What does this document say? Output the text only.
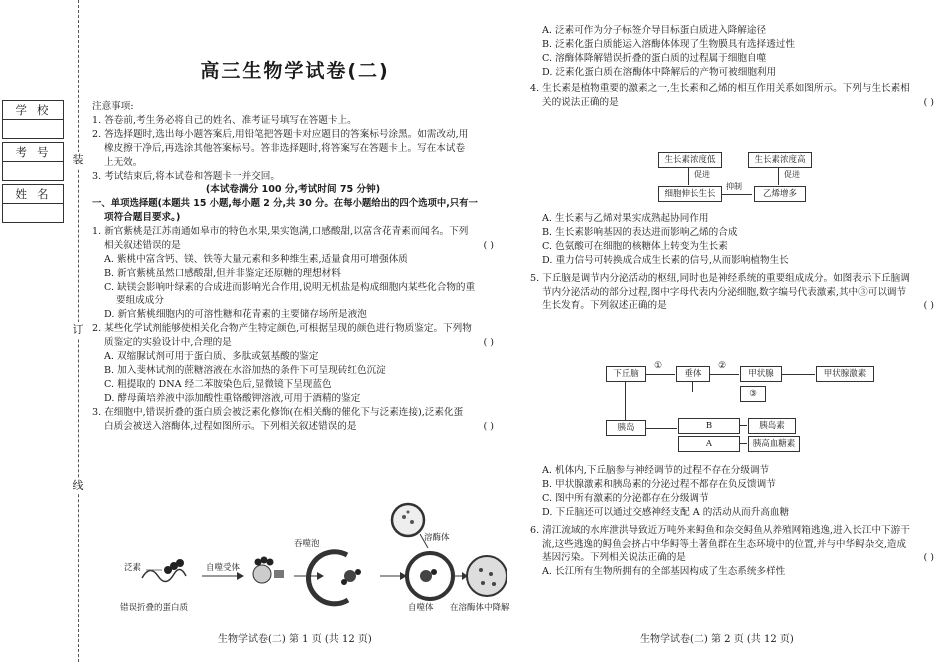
装
订
线
学校
考号
姓名
高三生物学试卷(二)
注意事项:
1. 答卷前,考生务必将自己的姓名、准考证号填写在答题卡上。
2. 答选择题时,选出每小题答案后,用铅笔把答题卡对应题目的答案标号涂黑。如需改动,用
橡皮擦干净后,再选涂其他答案标号。答非选择题时,将答案写在答题卡上。写在本试卷
上无效。
3. 考试结束后,将本试卷和答题卡一并交回。
(本试卷满分 100 分,考试时间 75 分钟)
一、单项选择题(本题共 15 小题,每小题 2 分,共 30 分。在每小题给出的四个选项中,只有一
项符合题目要求。)
1. 新官紫桃是江苏南通如皋市的特色水果,果实饱满,口感酸甜,以富含花青素而闻名。下列
相关叙述错误的是	( )
A. 紫桃中富含钙、镁、铁等大量元素和多种维生素,适量食用可增强体质
B. 新官紫桃虽然口感酸甜,但并非鉴定还原糖的理想材料
C. 缺镁会影响叶绿素的合成进而影响光合作用,说明无机盐是构成细胞内某些化合物的重
要组成成分
D. 新官紫桃细胞内的可溶性糖和花青素的主要储存场所是液泡
2. 某些化学试剂能够使相关化合物产生特定颜色,可根据呈现的颜色进行物质鉴定。下列物
质鉴定的实验设计中,合理的是	( )
A. 双缩脲试剂可用于蛋白质、多肽或氨基酸的鉴定
B. 加入斐林试剂的蔗糖溶液在水浴加热的条件下可呈现砖红色沉淀
C. 粗提取的 DNA 经二苯胺染色后,显微镜下呈现蓝色
D. 酵母菌培养液中添加酸性重铬酸钾溶液,可用于酒精的鉴定
3. 在细胞中,错误折叠的蛋白质会被泛素化修饰(在相关酶的催化下与泛素连接),泛素化蛋
白质会被送入溶酶体,过程如图所示。下列相关叙述错误的是	( )
泛素
错误折叠的蛋白质
自噬受体
吞噬泡
自噬体
溶酶体
在溶酶体中降解
生物学试卷(二) 第 1 页 (共 12 页)
A. 泛素可作为分子标签介导目标蛋白质进入降解途径
B. 泛素化蛋白质能运入溶酶体体现了生物膜具有选择透过性
C. 溶酶体降解错误折叠的蛋白质的过程属于细胞自噬
D. 泛素化蛋白质在溶酶体中降解后的产物可被细胞利用
4. 生长素是植物重要的激素之一,生长素和乙烯的相互作用关系如图所示。下列与生长素相
关的说法正确的是	( )
生长素浓度低	生长素浓度高
促进	促进
细胞伸长生长	乙烯增多
抑制
A. 生长素与乙烯对果实成熟起协同作用
B. 生长素影响基因的表达进而影响乙烯的合成
C. 色氨酸可在细胞的核糖体上转变为生长素
D. 重力信号可转换成合成生长素的信号,从而影响植物生长
5. 下丘脑是调节内分泌活动的枢纽,同时也是神经系统的重要组成成分。如图表示下丘脑调
节内分泌活动的部分过程,图中字母代表内分泌细胞,数字编号代表激素,其中③可以调节
生长发育。下列叙述正确的是	( )
下丘脑
①
垂体
②
甲状腺	甲状腺激素
③
胰岛	B
A
胰岛素
胰高血糖素
A. 机体内,下丘脑参与神经调节的过程不存在分级调节
B. 甲状腺激素和胰岛素的分泌过程不都存在负反馈调节
C. 图中所有激素的分泌都存在分级调节
D. 下丘脑还可以通过交感神经支配 A 的活动从而升高血糖
6. 清江流域的水库泄洪导致近万吨外来鲟鱼和杂交鲟鱼从养殖网箱逃逸,进入长江中下游干
流,这些逃逸的鲟鱼会挤占中华鲟等土著鱼群在生态环境中的位置,并与中华鲟杂交,造成
基因污染。下列相关说法正确的是	( )
A. 长江所有生物所拥有的全部基因构成了生态系统多样性
生物学试卷(二) 第 2 页 (共 12 页)
